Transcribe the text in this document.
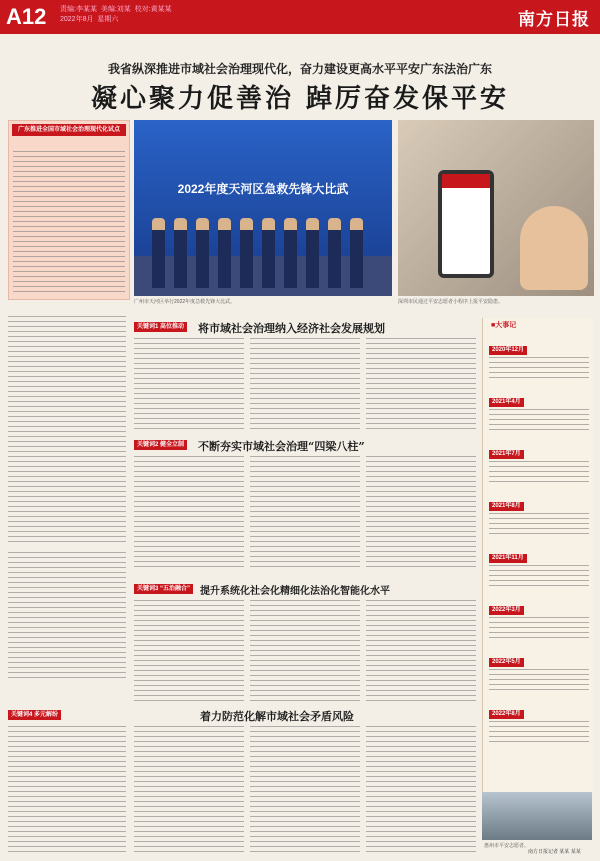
A12 责编:李某某  美编:刘某  校对:黄某某
2022年8月  星期六	南方日报
我省纵深推进市域社会治理现代化，奋力建设更高水平平安广东法治广东
凝心聚力促善治 踔厉奋发保平安
广东推进全国市域社会治理现代化试点
2022年度天河区急救先锋大比武
广州市天河区举行2022年度急救先锋大比武。	深圳市民通过平安志愿者小程序上报平安隐患。
关键词1 高位推动 将市域社会治理纳入经济社会发展规划
关键词2 健全立制 不断夯实市域社会治理“四梁八柱”
关键词3 “五治融合” 提升系统化社会化精细化法治化智能化水平
关键词4 多元解纷	着力防范化解市域社会矛盾风险
■大事记
2020年12月
2021年4月
2021年7月
2021年8月
2021年11月
2022年3月
2022年5月
2022年8月
惠州市平安志愿者。
南方日报记者 某某 某某
